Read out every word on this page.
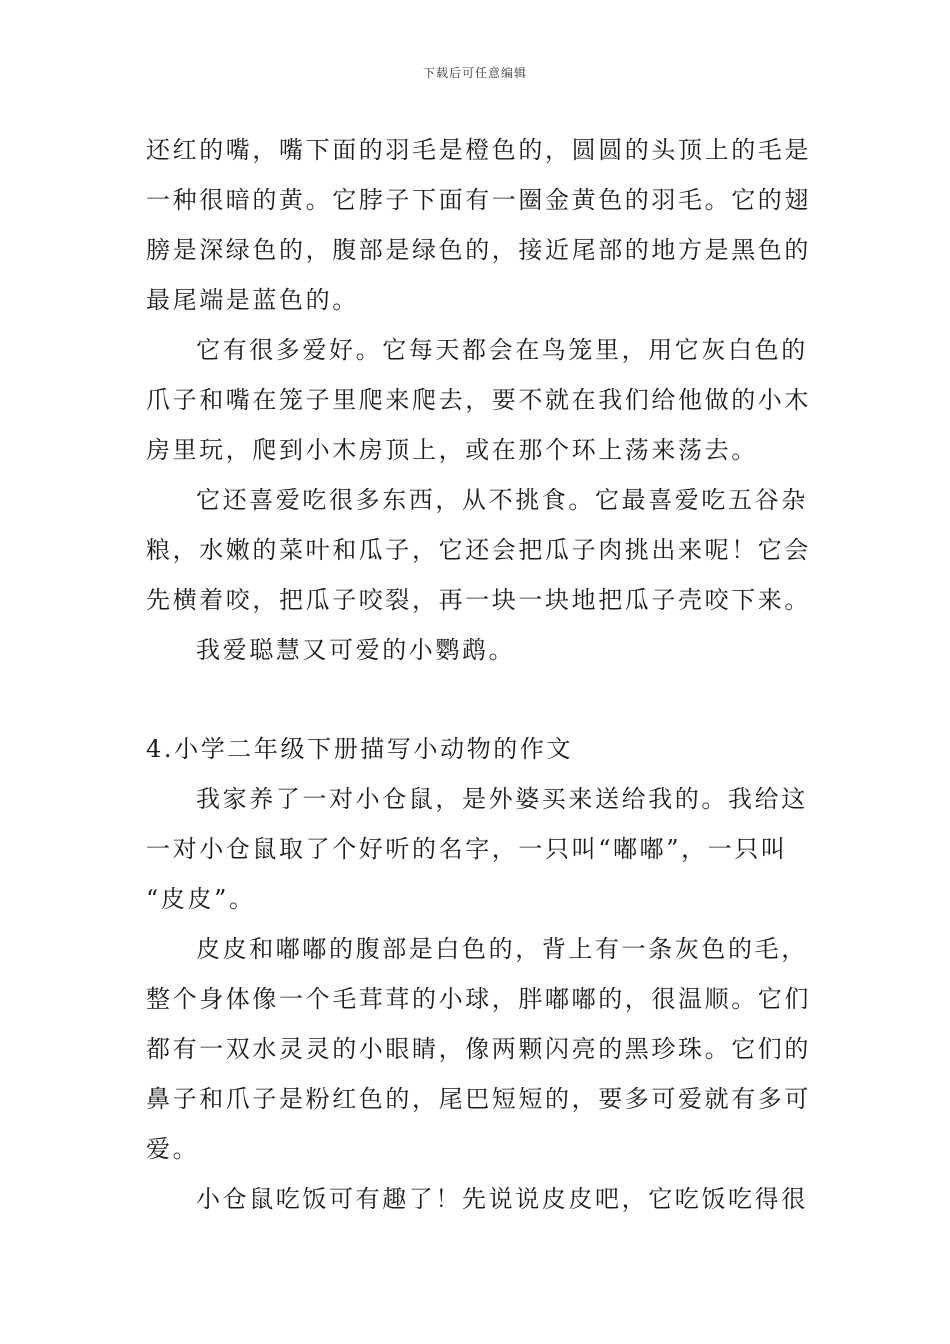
下载后可任意编辑
还红的嘴，嘴下面的羽毛是橙色的，圆圆的头顶上的毛是
一种很暗的黄。它脖子下面有一圈金黄色的羽毛。它的翅
膀是深绿色的，腹部是绿色的，接近尾部的地方是黑色的
最尾端是蓝色的。
它有很多爱好。它每天都会在鸟笼里，用它灰白色的
爪子和嘴在笼子里爬来爬去，要不就在我们给他做的小木
房里玩，爬到小木房顶上，或在那个环上荡来荡去。
它还喜爱吃很多东西，从不挑食。它最喜爱吃五谷杂
粮，水嫩的菜叶和瓜子，它还会把瓜子肉挑出来呢！它会
先横着咬，把瓜子咬裂，再一块一块地把瓜子壳咬下来。
我爱聪慧又可爱的小鹦鹉。
4.小学二年级下册描写小动物的作文
我家养了一对小仓鼠，是外婆买来送给我的。我给这
一对小仓鼠取了个好听的名字，一只叫“嘟嘟”，一只叫
“皮皮”。
皮皮和嘟嘟的腹部是白色的，背上有一条灰色的毛，
整个身体像一个毛茸茸的小球，胖嘟嘟的，很温顺。它们
都有一双水灵灵的小眼睛，像两颗闪亮的黑珍珠。它们的
鼻子和爪子是粉红色的，尾巴短短的，要多可爱就有多可
爱。
小仓鼠吃饭可有趣了！先说说皮皮吧，它吃饭吃得很
